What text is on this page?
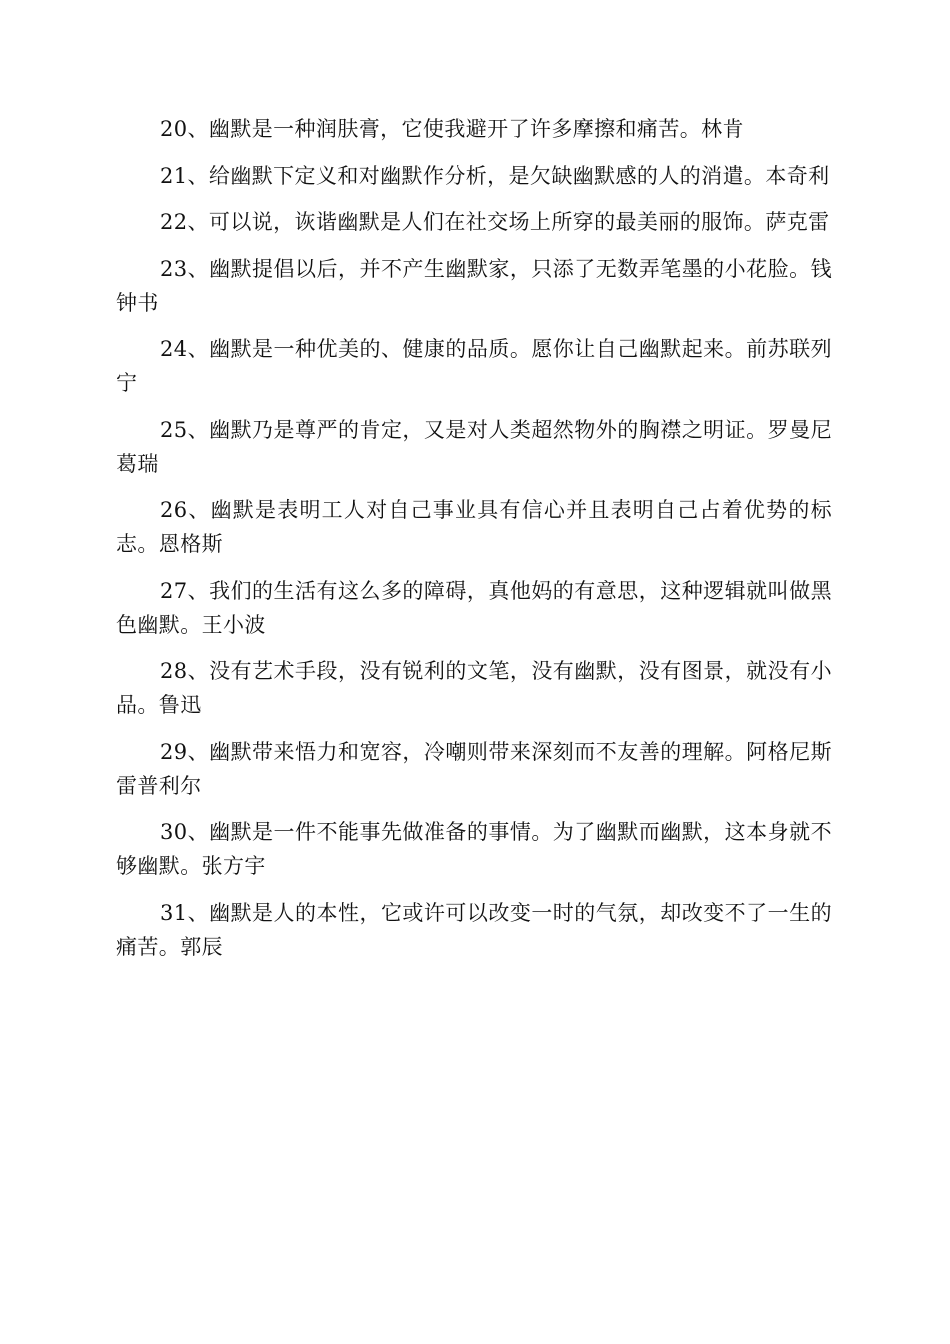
20、幽默是一种润肤膏，它使我避开了许多摩擦和痛苦。林肯

21、给幽默下定义和对幽默作分析，是欠缺幽默感的人的消遣。本奇利

22、可以说，诙谐幽默是人们在社交场上所穿的最美丽的服饰。萨克雷

23、幽默提倡以后，并不产生幽默家，只添了无数弄笔墨的小花脸。钱钟书

24、幽默是一种优美的、健康的品质。愿你让自己幽默起来。前苏联列宁

25、幽默乃是尊严的肯定，又是对人类超然物外的胸襟之明证。罗曼尼葛瑞

26、幽默是表明工人对自己事业具有信心并且表明自己占着优势的标志。恩格斯

27、我们的生活有这么多的障碍，真他妈的有意思，这种逻辑就叫做黑色幽默。王小波

28、没有艺术手段，没有锐利的文笔，没有幽默，没有图景，就没有小品。鲁迅

29、幽默带来悟力和宽容，冷嘲则带来深刻而不友善的理解。阿格尼斯雷普利尔

30、幽默是一件不能事先做准备的事情。为了幽默而幽默，这本身就不够幽默。张方宇

31、幽默是人的本性，它或许可以改变一时的气氛，却改变不了一生的痛苦。郭辰
